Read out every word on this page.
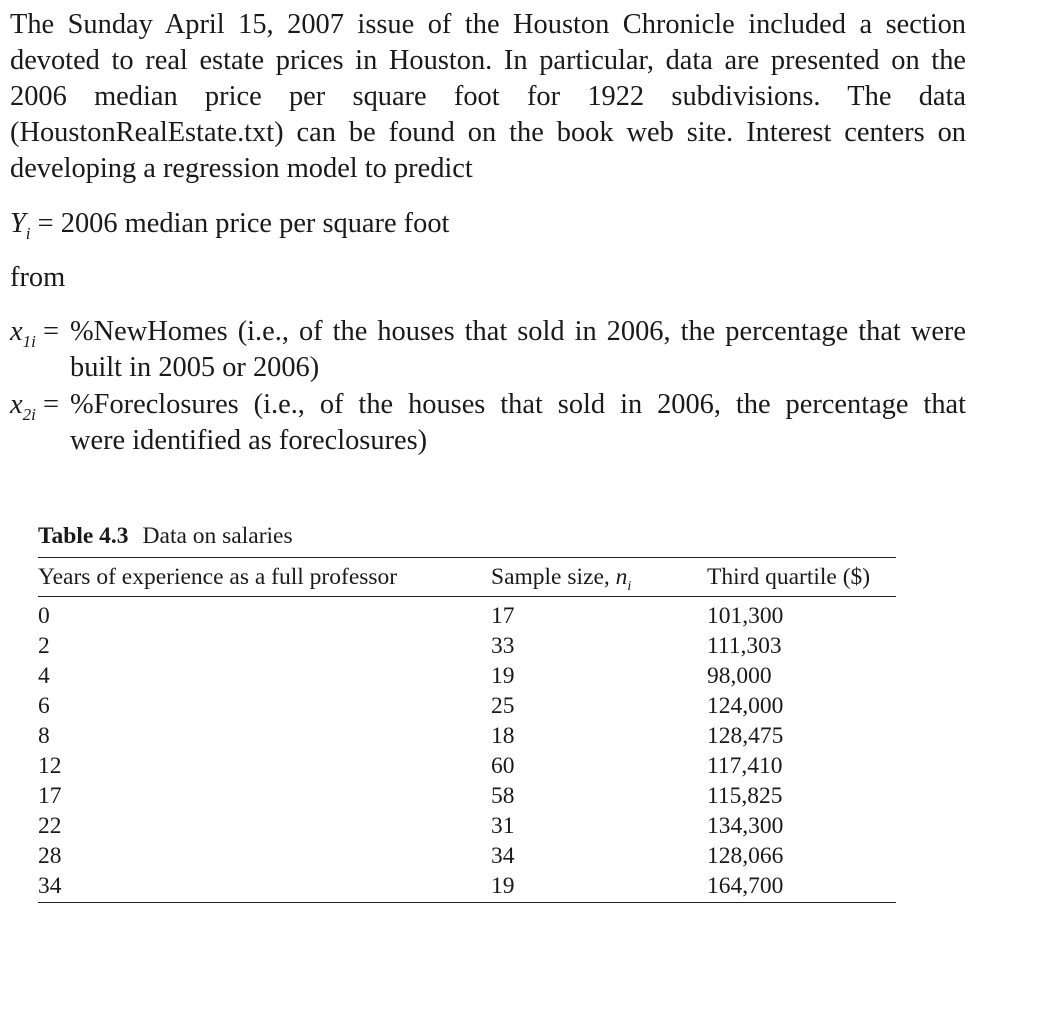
The Sunday April 15, 2007 issue of the Houston Chronicle included a section
devoted to real estate prices in Houston. In particular, data are presented on the
2006 median price per square foot for 1922 subdivisions. The data
(HoustonRealEstate.txt) can be found on the book web site. Interest centers on
developing a regression model to predict
$Y_i = 2006$ median price per square foot
from
$x_{1i}$ = %NewHomes (i.e., of the houses that sold in 2006, the percentage that were
built in 2005 or 2006)
$x_{2i}$ = %Foreclosures (i.e., of the houses that sold in 2006, the percentage that
were identified as foreclosures)
Table 4.3 Data on salaries
Years of experience as a full professor	Sample size, $n_i$	Third quartile ($)
0	17	101,300
2	33	111,303
4	19	98,000
6	25	124,000
8	18	128,475
12	60	117,410
17	58	115,825
22	31	134,300
28	34	128,066
34	19	164,700
